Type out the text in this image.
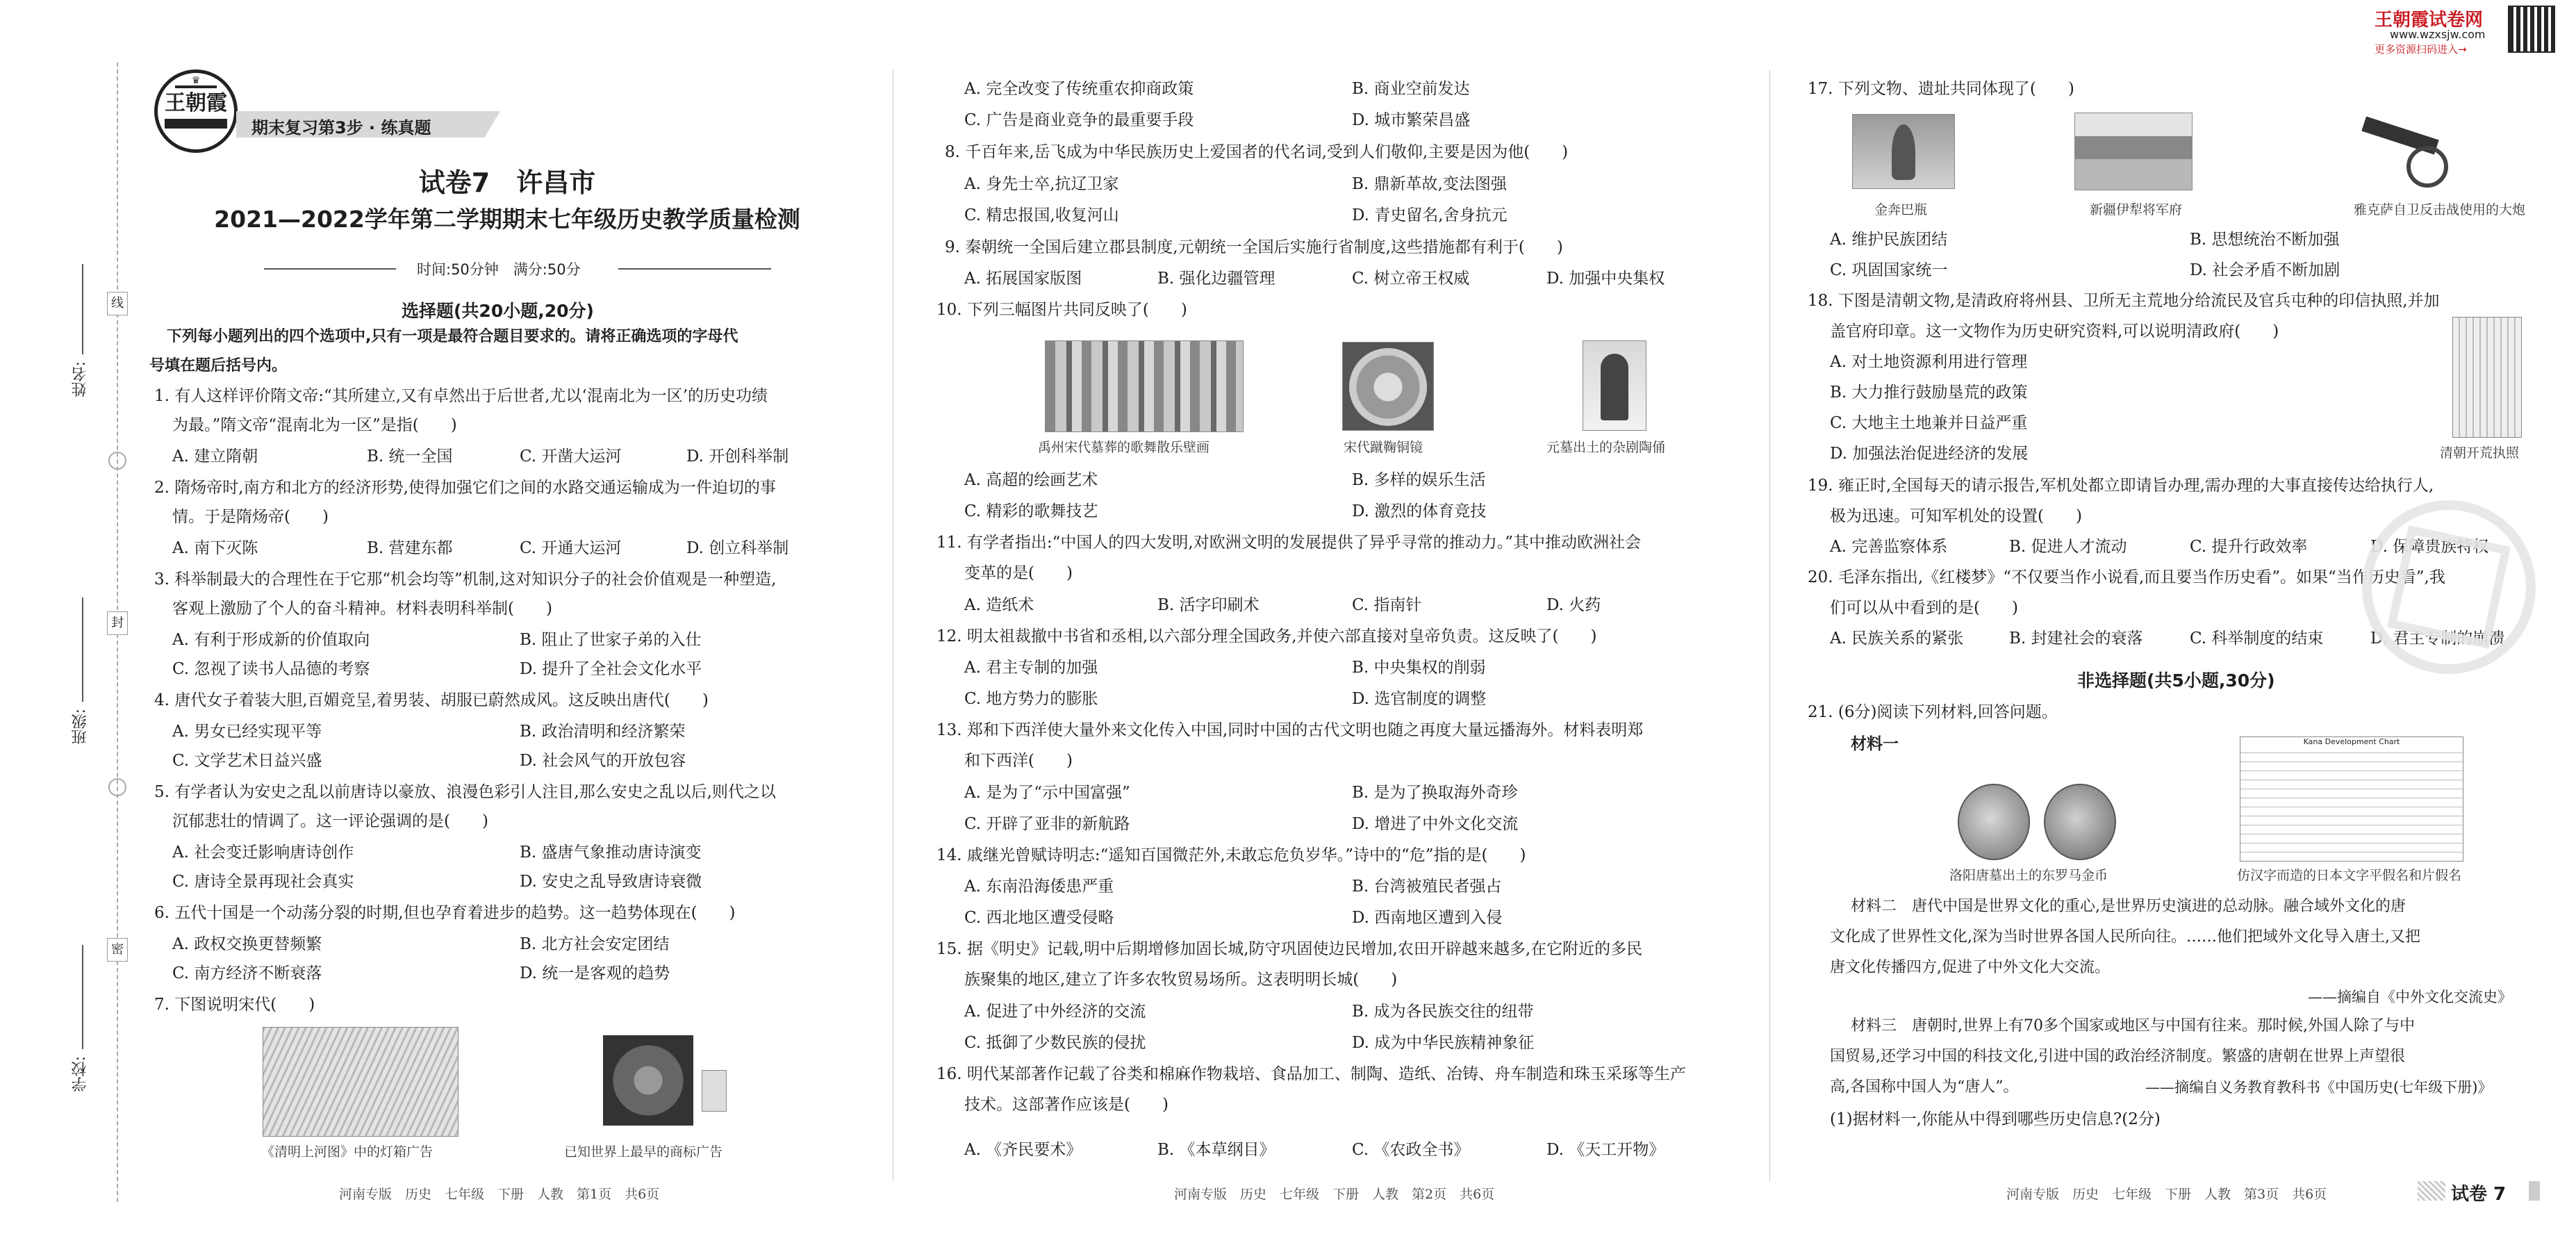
姓名:
班级:
学校:
线
封
密
♛
王朝霞
期末复习第3步 · 练真题
试卷7　许昌市
2021—2022学年第二学期期末七年级历史教学质量检测
时间:50分钟　满分:50分
王朝霞试卷网
www.wzxsjw.com
更多资源扫码进入→
选择题(共20小题,20分)
下列每小题列出的四个选项中,只有一项是最符合题目要求的。请将正确选项的字母代
号填在题后括号内。
1. 有人这样评价隋文帝:“其所建立,又有卓然出于后世者,尤以‘混南北为一区’的历史功绩
为最。”隋文帝“混南北为一区”是指(　　)
A. 建立隋朝	B. 统一全国	C. 开凿大运河	D. 开创科举制
2. 隋炀帝时,南方和北方的经济形势,使得加强它们之间的水路交通运输成为一件迫切的事
情。于是隋炀帝(　　)
A. 南下灭陈	B. 营建东都	C. 开通大运河	D. 创立科举制
3. 科举制最大的合理性在于它那“机会均等”机制,这对知识分子的社会价值观是一种塑造,
客观上激励了个人的奋斗精神。材料表明科举制(　　)
A. 有利于形成新的价值取向	B. 阻止了世家子弟的入仕
C. 忽视了读书人品德的考察	D. 提升了全社会文化水平
4. 唐代女子着装大胆,百媚竞呈,着男装、胡服已蔚然成风。这反映出唐代(　　)
A. 男女已经实现平等	B. 政治清明和经济繁荣
C. 文学艺术日益兴盛	D. 社会风气的开放包容
5. 有学者认为安史之乱以前唐诗以豪放、浪漫色彩引人注目,那么安史之乱以后,则代之以
沉郁悲壮的情调了。这一评论强调的是(　　)
A. 社会变迁影响唐诗创作	B. 盛唐气象推动唐诗演变
C. 唐诗全景再现社会真实	D. 安史之乱导致唐诗衰微
6. 五代十国是一个动荡分裂的时期,但也孕育着进步的趋势。这一趋势体现在(　　)
A. 政权交换更替频繁	B. 北方社会安定团结
C. 南方经济不断衰落	D. 统一是客观的趋势
7. 下图说明宋代(　　)
《清明上河图》中的灯箱广告	已知世界上最早的商标广告
A. 完全改变了传统重农抑商政策	B. 商业空前发达
C. 广告是商业竞争的最重要手段	D. 城市繁荣昌盛
8. 千百年来,岳飞成为中华民族历史上爱国者的代名词,受到人们敬仰,主要是因为他(　　)
A. 身先士卒,抗辽卫家	B. 鼎新革故,变法图强
C. 精忠报国,收复河山	D. 青史留名,舍身抗元
9. 秦朝统一全国后建立郡县制度,元朝统一全国后实施行省制度,这些措施都有利于(　　)
A. 拓展国家版图	B. 强化边疆管理	C. 树立帝王权威	D. 加强中央集权
10. 下列三幅图片共同反映了(　　)
禹州宋代墓葬的歌舞散乐壁画	宋代蹴鞠铜镜	元墓出土的杂剧陶俑
A. 高超的绘画艺术	B. 多样的娱乐生活
C. 精彩的歌舞技艺	D. 激烈的体育竞技
11. 有学者指出:“中国人的四大发明,对欧洲文明的发展提供了异乎寻常的推动力。”其中推动欧洲社会
变革的是(　　)
A. 造纸术	B. 活字印刷术	C. 指南针	D. 火药
12. 明太祖裁撤中书省和丞相,以六部分理全国政务,并使六部直接对皇帝负责。这反映了(　　)
A. 君主专制的加强	B. 中央集权的削弱
C. 地方势力的膨胀	D. 选官制度的调整
13. 郑和下西洋使大量外来文化传入中国,同时中国的古代文明也随之再度大量远播海外。材料表明郑
和下西洋(　　)
A. 是为了“示中国富强”	B. 是为了换取海外奇珍
C. 开辟了亚非的新航路	D. 增进了中外文化交流
14. 戚继光曾赋诗明志:“遥知百国微茫外,未敢忘危负岁华。”诗中的“危”指的是(　　)
A. 东南沿海倭患严重	B. 台湾被殖民者强占
C. 西北地区遭受侵略	D. 西南地区遭到入侵
15. 据《明史》记载,明中后期增修加固长城,防守巩固使边民增加,农田开辟越来越多,在它附近的多民
族聚集的地区,建立了许多农牧贸易场所。这表明明长城(　　)
A. 促进了中外经济的交流	B. 成为各民族交往的纽带
C. 抵御了少数民族的侵扰	D. 成为中华民族精神象征
16. 明代某部著作记载了谷类和棉麻作物栽培、食品加工、制陶、造纸、冶铸、舟车制造和珠玉采琢等生产
技术。这部著作应该是(　　)
A. 《齐民要术》	B. 《本草纲目》	C. 《农政全书》	D. 《天工开物》
17. 下列文物、遗址共同体现了(　　)
金奔巴瓶	新疆伊犁将军府	雅克萨自卫反击战使用的大炮
A. 维护民族团结	B. 思想统治不断加强
C. 巩固国家统一	D. 社会矛盾不断加剧
18. 下图是清朝文物,是清政府将州县、卫所无主荒地分给流民及官兵屯种的印信执照,并加
盖官府印章。这一文物作为历史研究资料,可以说明清政府(　　)
A. 对土地资源利用进行管理
B. 大力推行鼓励垦荒的政策
C. 大地主土地兼并日益严重
D. 加强法治促进经济的发展	清朝开荒执照
19. 雍正时,全国每天的请示报告,军机处都立即请旨办理,需办理的大事直接传达给执行人,
极为迅速。可知军机处的设置(　　)
A. 完善监察体系	B. 促进人才流动	C. 提升行政效率	D. 保障贵族特权
20. 毛泽东指出,《红楼梦》“不仅要当作小说看,而且要当作历史看”。如果“当作历史看”,我
们可以从中看到的是(　　)
A. 民族关系的紧张	B. 封建社会的衰落	C. 科举制度的结束	D. 君主专制的崩溃
非选择题(共5小题,30分)
21. (6分)阅读下列材料,回答问题。
材料一	Kana Development Chart
洛阳唐墓出土的东罗马金币	仿汉字而造的日本文字平假名和片假名
材料二　唐代中国是世界文化的重心,是世界历史演进的总动脉。融合域外文化的唐
文化成了世界性文化,深为当时世界各国人民所向往。……他们把域外文化导入唐土,又把
唐文化传播四方,促进了中外文化大交流。
——摘编自《中外文化交流史》
材料三　唐朝时,世界上有70多个国家或地区与中国有往来。那时候,外国人除了与中
国贸易,还学习中国的科技文化,引进中国的政治经济制度。繁盛的唐朝在世界上声望很
高,各国称中国人为“唐人”。	——摘编自义务教育教科书《中国历史(七年级下册)》
(1)据材料一,你能从中得到哪些历史信息?(2分)
河南专版　历史　七年级　下册　人教　第1页　共6页	河南专版　历史　七年级　下册　人教　第2页　共6页	河南专版　历史　七年级　下册　人教　第3页　共6页	试卷 7
